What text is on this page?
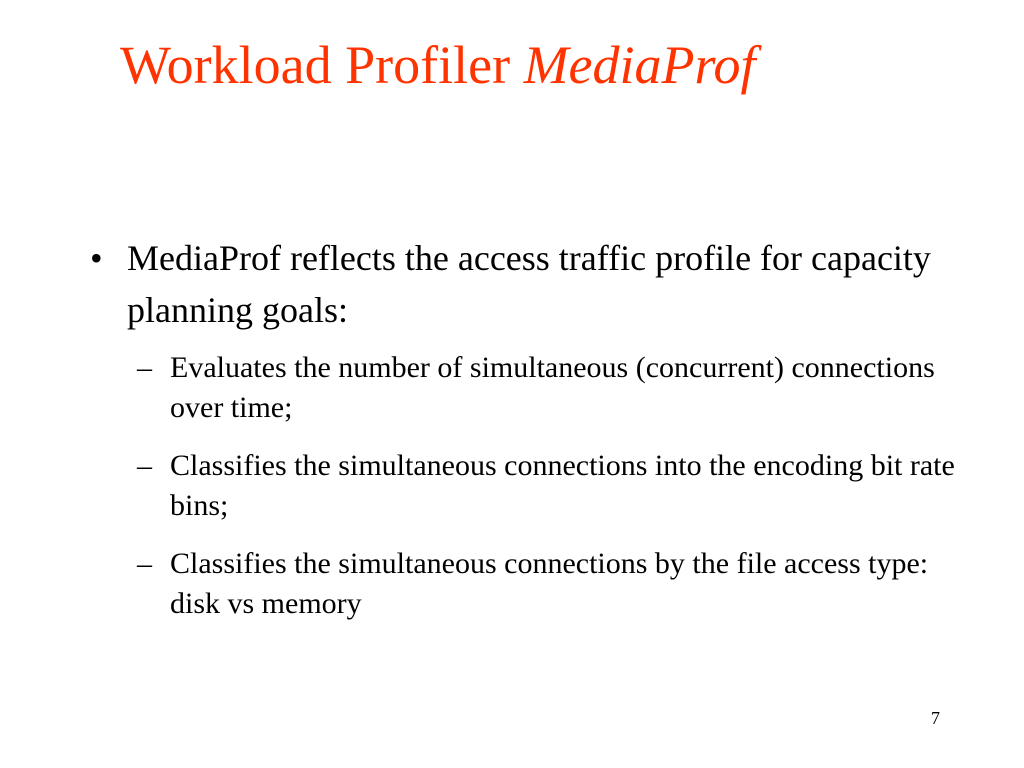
Workload Profiler MediaProf
• MediaProf reflects the access traffic profile for capacity planning goals:
– Evaluates the number of simultaneous (concurrent) connections over time;
– Classifies the simultaneous connections into the encoding bit rate bins;
– Classifies the simultaneous connections by the file access type: disk vs memory
7
